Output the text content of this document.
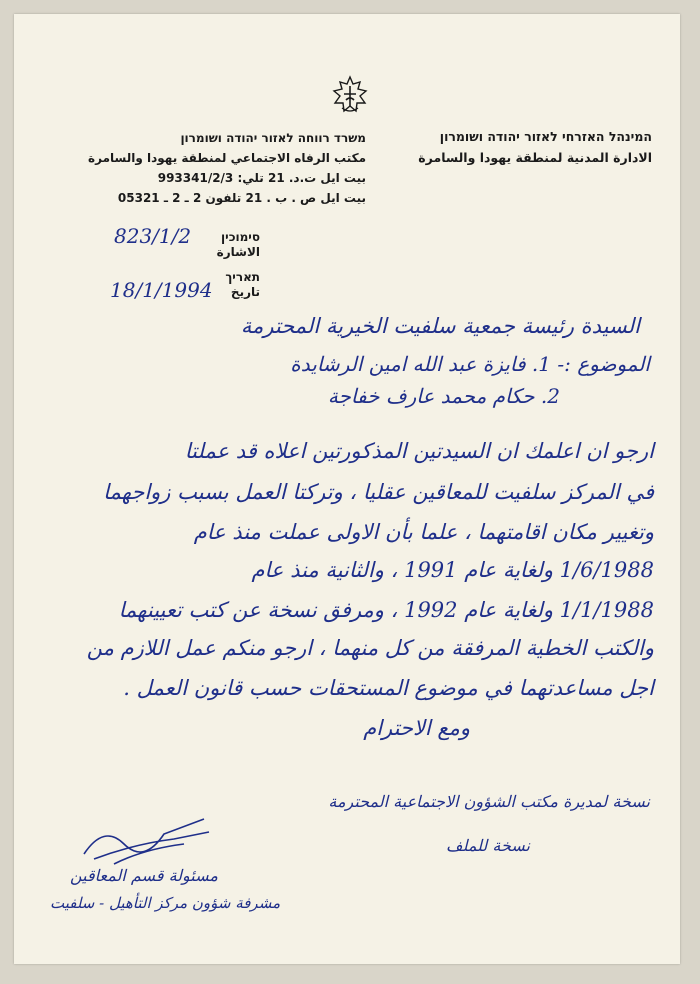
המינהל האזרחי לאזור יהודה ושומרון
الادارة المدنية لمنطقة يهودا والسامرة
משרד רווחה לאזור יהודה ושומרון
مكتب الرفاه الاجتماعي لمنطقة يهودا والسامرة
بيت ايل ت.د. 21 تلي: 993341/2/3
بيت ايل ص . ب . 21 تلفون 2 ـ 2 ـ 05321
סימוכין
الاشارة
823/1/2
תאריך
تاريخ
18/1/1994
السيدة رئيسة جمعية سلفيت الخيرية المحترمة
الموضوع :- 1. فايزة عبد الله امين الرشايدة
2. حكام محمد عارف خفاجة
ارجو ان اعلمك ان السيدتين المذكورتين اعلاه قد عملتا
في المركز سلفيت للمعاقين عقليا ، وتركتا العمل بسبب زواجهما
وتغيير مكان اقامتهما ، علما بأن الاولى عملت منذ عام
1/6/1988 ولغاية عام 1991 ، والثانية منذ عام
1/1/1988 ولغاية عام 1992 ، ومرفق نسخة عن كتب تعيينهما
والكتب الخطية المرفقة من كل منهما ، ارجو منكم عمل اللازم من
اجل مساعدتهما في موضوع المستحقات حسب قانون العمل .
ومع الاحترام
نسخة لمديرة مكتب الشؤون الاجتماعية المحترمة
نسخة للملف
مسئولة قسم المعاقين
مشرفة شؤون مركز التأهيل - سلفيت
